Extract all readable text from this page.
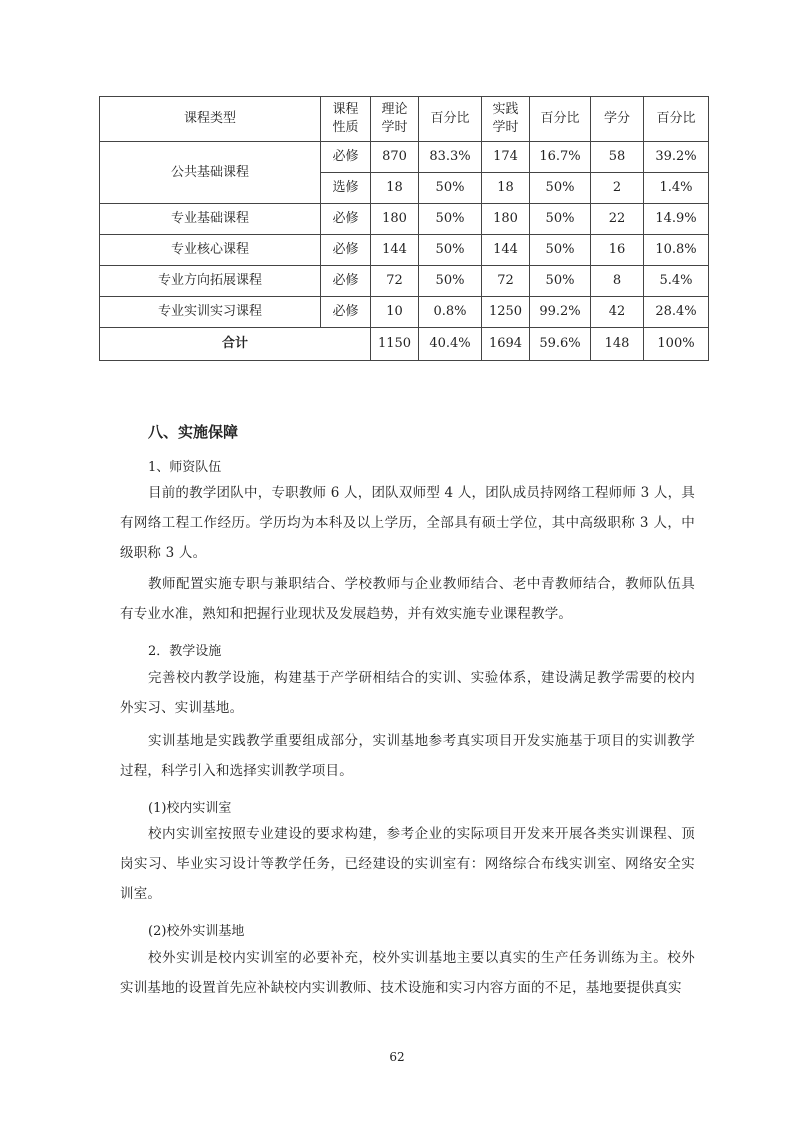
课程类型	课程性质	理论学时	百分比	实践学时	百分比	学分	百分比
公共基础课程	必修	870	83.3%	174	16.7%	58	39.2%
	选修	18	50%	18	50%	2	1.4%
专业基础课程	必修	180	50%	180	50%	22	14.9%
专业核心课程	必修	144	50%	144	50%	16	10.8%
专业方向拓展课程	必修	72	50%	72	50%	8	5.4%
专业实训实习课程	必修	10	0.8%	1250	99.2%	42	28.4%
合计		1150	40.4%	1694	59.6%	148	100%
八、实施保障
1、师资队伍
目前的教学团队中，专职教师 6 人，团队双师型 4 人，团队成员持网络工程师师 3 人，具有网络工程工作经历。学历均为本科及以上学历，全部具有硕士学位，其中高级职称 3 人，中级职称 3 人。
教师配置实施专职与兼职结合、学校教师与企业教师结合、老中青教师结合，教师队伍具有专业水准，熟知和把握行业现状及发展趋势，并有效实施专业课程教学。
2．教学设施
完善校内教学设施，构建基于产学研相结合的实训、实验体系，建设满足教学需要的校内外实习、实训基地。
实训基地是实践教学重要组成部分，实训基地参考真实项目开发实施基于项目的实训教学过程，科学引入和选择实训教学项目。
(1)校内实训室
校内实训室按照专业建设的要求构建，参考企业的实际项目开发来开展各类实训课程、顶岗实习、毕业实习设计等教学任务，已经建设的实训室有：网络综合布线实训室、网络安全实训室。
(2)校外实训基地
校外实训是校内实训室的必要补充，校外实训基地主要以真实的生产任务训练为主。校外实训基地的设置首先应补缺校内实训教师、技术设施和实习内容方面的不足，基地要提供真实
62
